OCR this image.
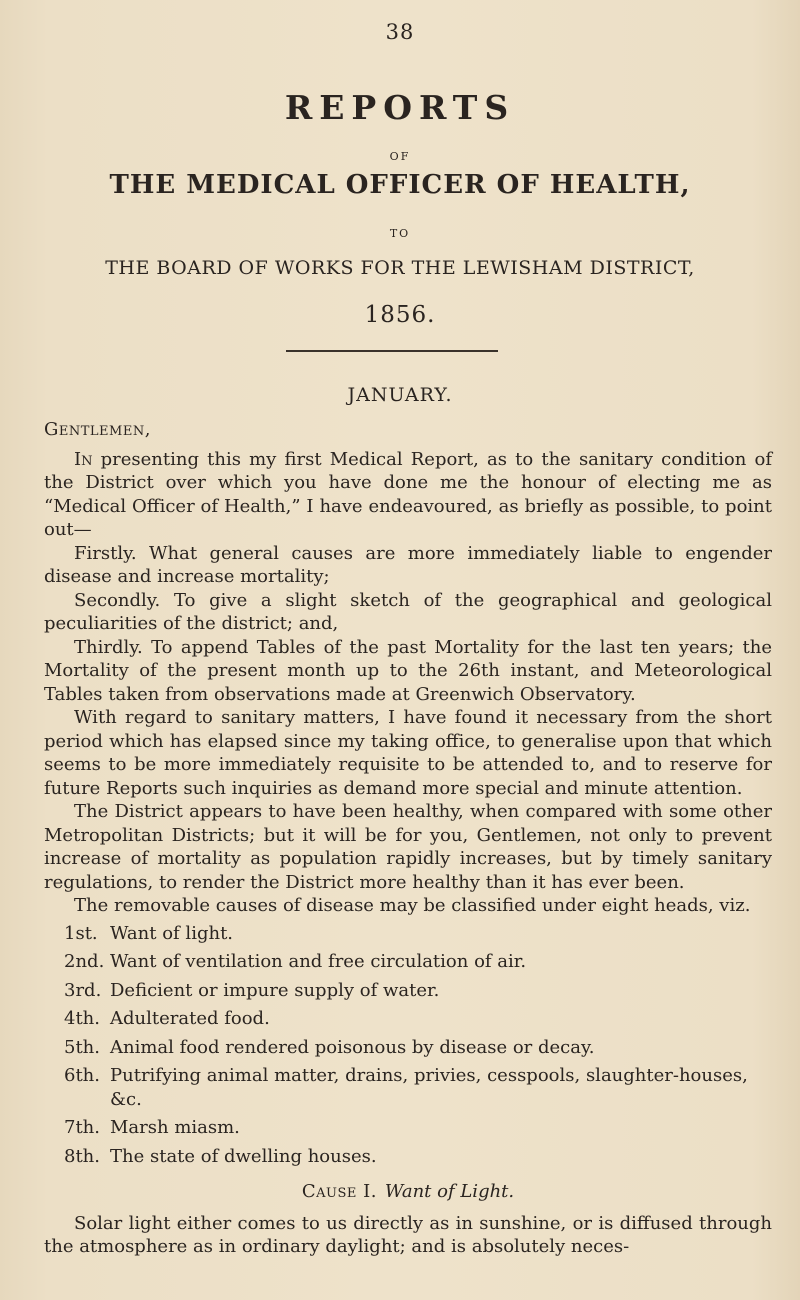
38
REPORTS
OF
THE MEDICAL OFFICER OF HEALTH,
TO
THE BOARD OF WORKS FOR THE LEWISHAM DISTRICT,
1856.
JANUARY.
Gentlemen,

In presenting this my first Medical Report, as to the sanitary condition of the District over which you have done me the honour of electing me as “Medical Officer of Health,” I have endeavoured, as briefly as possible, to point out—

Firstly. What general causes are more immediately liable to engender disease and increase mortality;

Secondly. To give a slight sketch of the geographical and geological peculiarities of the district; and,

Thirdly. To append Tables of the past Mortality for the last ten years; the Mortality of the present month up to the 26th instant, and Meteorological Tables taken from observations made at Greenwich Observatory.

With regard to sanitary matters, I have found it necessary from the short period which has elapsed since my taking office, to generalise upon that which seems to be more immediately requisite to be attended to, and to reserve for future Reports such inquiries as demand more special and minute attention.

The District appears to have been healthy, when compared with some other Metropolitan Districts; but it will be for you, Gentlemen, not only to prevent increase of mortality as population rapidly increases, but by timely sanitary regulations, to render the District more healthy than it has ever been.

The removable causes of disease may be classified under eight heads, viz.

1st. Want of light.
2nd. Want of ventilation and free circulation of air.
3rd. Deficient or impure supply of water.
4th. Adulterated food.
5th. Animal food rendered poisonous by disease or decay.
6th. Putrifying animal matter, drains, privies, cesspools, slaughter-houses, &c.
7th. Marsh miasm.
8th. The state of dwelling houses.
Cause I. Want of Light.

Solar light either comes to us directly as in sunshine, or is diffused through the atmosphere as in ordinary daylight; and is absolutely neces-
